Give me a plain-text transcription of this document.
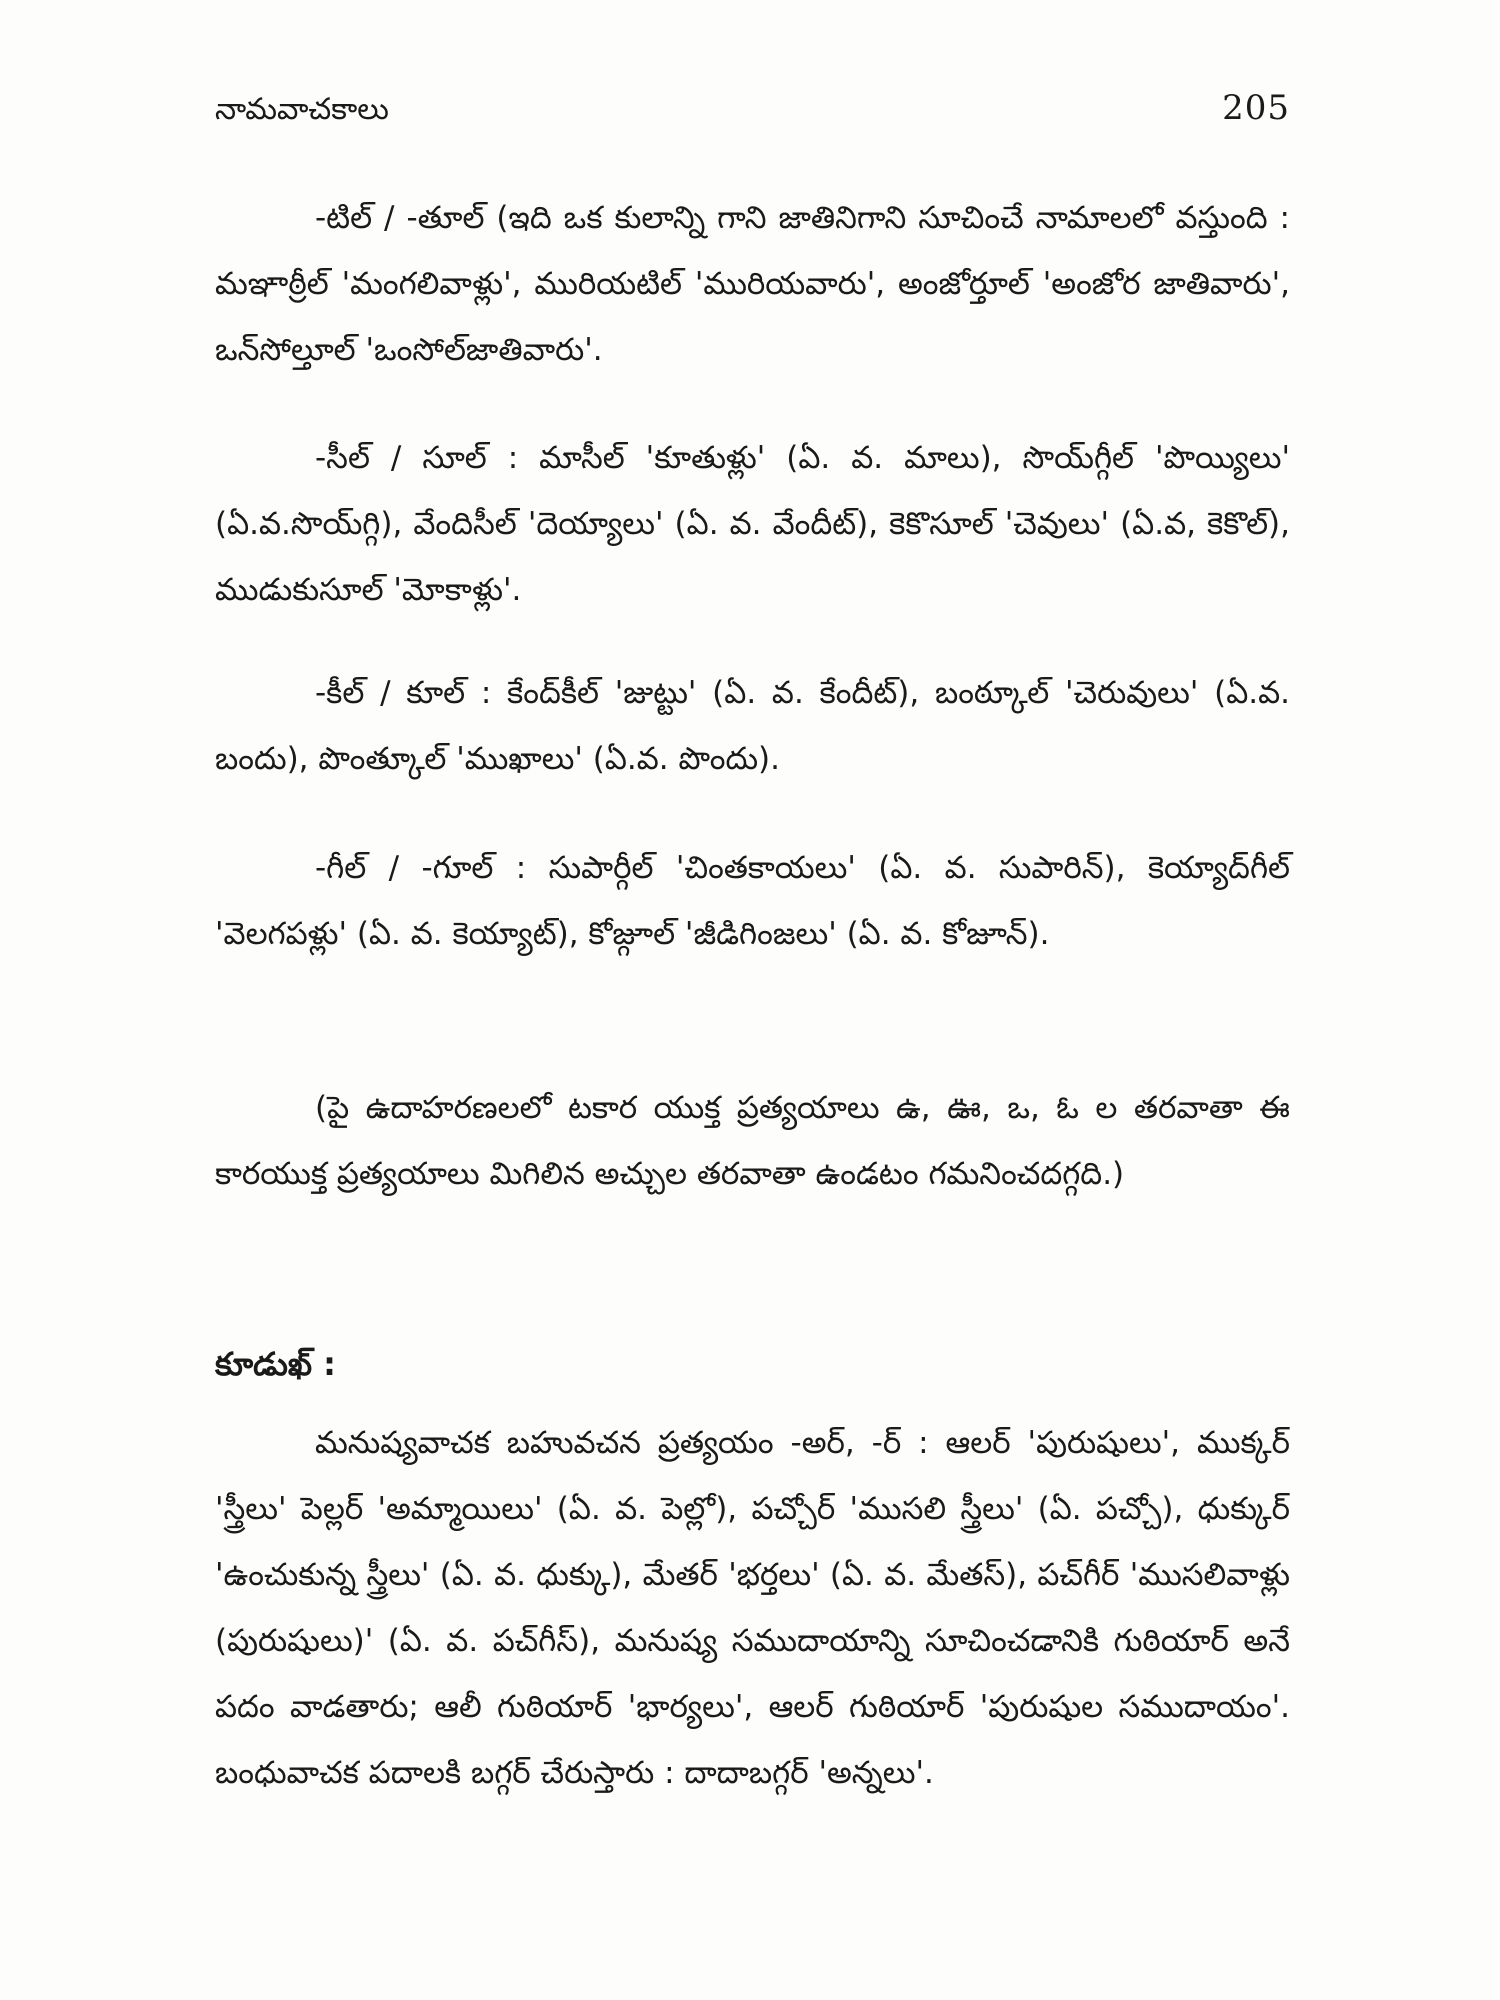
నామవాచకాలు	205

-టిల్ / -తూల్ (ఇది ఒక కులాన్ని గాని జాతినిగాని సూచించే నామాలలో వస్తుంది : మఞాఠ్రీల్ 'మంగలివాళ్లు', మురియటిల్ 'మురియవారు', అంజోర్తూల్ 'అంజోర జాతివారు', ఒన్‌సోల్తూల్ 'ఒంసోల్‌జాతివారు'.

-సీల్ / సూల్ : మాసీల్ 'కూతుళ్లు' (ఏ. వ. మాలు), సొయ్‌గ్గీల్ 'పొయ్యిలు' (ఏ.వ.సొయ్‌గ్గి), వేందిసీల్ 'దెయ్యాలు' (ఏ. వ. వేందీట్), కెకొసూల్ 'చెవులు' (ఏ.వ, కెకొల్), ముడుకుసూల్ 'మోకాళ్లు'.

-కీల్ / కూల్ : కేంద్‌కీల్ 'జుట్టు' (ఏ. వ. కేందీట్), బంఠ్కూల్ 'చెరువులు' (ఏ.వ. బందు), పొంత్కూల్ 'ముఖాలు' (ఏ.వ. పొందు).

-గీల్ / -గూల్ : సుపార్గీల్ 'చింతకాయలు' (ఏ. వ. సుపారిన్), కెయ్యాద్‌గీల్ 'వెలగపళ్లు' (ఏ. వ. కెయ్యాట్), కోజ్గూల్ 'జీడిగింజలు' (ఏ. వ. కోజూన్).

(పై ఉదాహరణలలో టకార యుక్త ప్రత్యయాలు ఉ, ఊ, ఒ, ఓ ల తరవాతా ఈ కారయుక్త ప్రత్యయాలు మిగిలిన అచ్చుల తరవాతా ఉండటం గమనించదగ్గది.)

కూడుఖ్ :

మనుష్యవాచక బహువచన ప్రత్యయం -అర్, -ర్ : ఆలర్ 'పురుషులు', ముక్కర్ 'స్త్రీలు' పెల్లర్ 'అమ్మాయిలు' (ఏ. వ. పెల్లో), పచ్చోర్ 'ముసలి స్త్రీలు' (ఏ. పచ్చో), ధుక్కుర్ 'ఉంచుకున్న స్త్రీలు' (ఏ. వ. ధుక్కు), మేతర్ 'భర్తలు' (ఏ. వ. మేతస్), పచ్‌గీర్ 'ముసలివాళ్లు (పురుషులు)' (ఏ. వ. పచ్‌గీస్), మనుష్య సముదాయాన్ని సూచించడానికి గుఠియార్ అనే పదం వాడతారు; ఆలీ గుఠియార్ 'భార్యలు', ఆలర్ గుఠియార్ 'పురుషుల సముదాయం'. బంధువాచక పదాలకి బగ్గర్ చేరుస్తారు : దాదాబగ్గర్ 'అన్నలు'.
